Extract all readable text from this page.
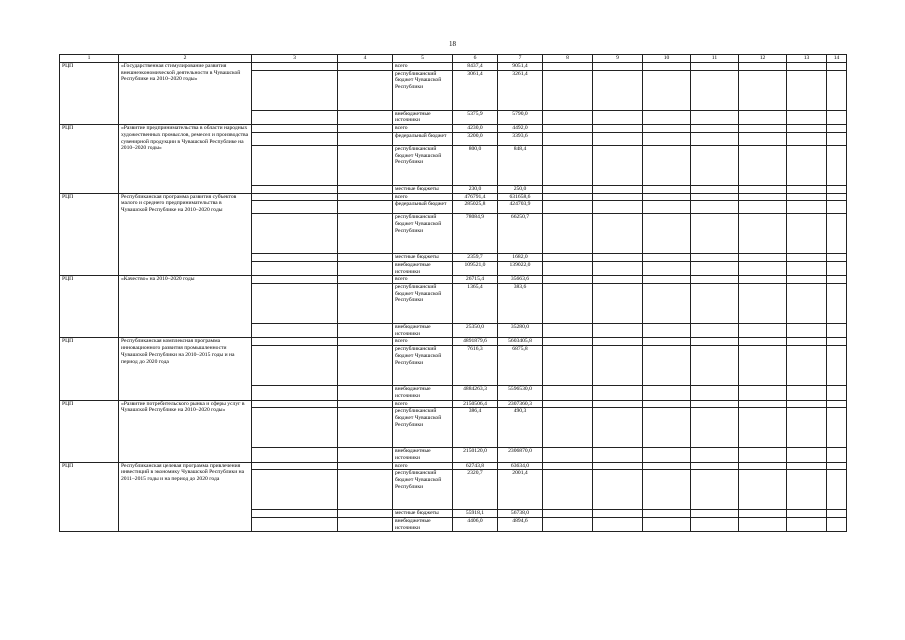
18
1	2	3	4	5	6	7	8	9	10	11	12	13	14
РЦП	«Государственная стимулирование развития внешнеэкономической деятельности в Чувашской Республике на 2010–2020 годы»			всего	8437,4	9051,4							
				республиканский бюджет Чувашской Республики	3061,4	3261,4							
				внебюджетные источники	5375,9	5790,0							
РЦП	«Развитие предпринимательства в области народных художественных промыслов, ремесел и производства сувенирной продукции в Чувашской Республике на 2010–2020 годы»			всего	4230,0	4492,0							
				федеральный бюджет	3200,0	3393,6							
				республиканский бюджет Чувашской Республики	800,0	848,4							
				местные бюджеты	230,0	250,0							
РЦП	Республиканская программа развития субъектов малого и среднего предпринимательства в Чувашской Республике на 2010–2020 годы			всего	476791,4	631658,6							
				федеральный бюджет	285025,8	424703,9							
				республиканский бюджет Чувашской Республики	78084,9	66250,7							
				местные бюджеты	2359,7	1682,0							
				внебюджетные источники	109521,0	139022,0							
РЦП	«Качество» на 2010–2020 годы			всего	26715,4	35663,6							
				республиканский бюджет Чувашской Республики	1365,4	383,6							
				внебюджетные источники	25350,0	35280,0							
РЦП	Республиканская комплексная программа инновационного развития промышленности Чувашской Республики на 2010–2015 годы и на период до 2020 года			всего	4891879,6	5603405,8							
				республиканский бюджет Чувашской Республики	7616,3	6875,8							
				внебюджетные источники	4884263,3	5596530,0							
РЦП	«Развитие потребительского рынка и сферы услуг в Чувашской Республике на 2010–2020 годы»			всего	2150506,4	2307360,3							
				республиканский бюджет Чувашской Республики	386,4	490,3							
				внебюджетные источники	2150120,0	2306870,0							
РЦП	Республиканская целевая программа привлечения инвестиций в экономику Чувашской Республики на 2011–2015 годы и на период до 2020 года			всего	62743,8	63634,0							
				республиканский бюджет Чувашской Республики	2320,7	2001,4							
				местные бюджеты	55918,1	56738,0							
				внебюджетные источники	4406,0	4894,6							
